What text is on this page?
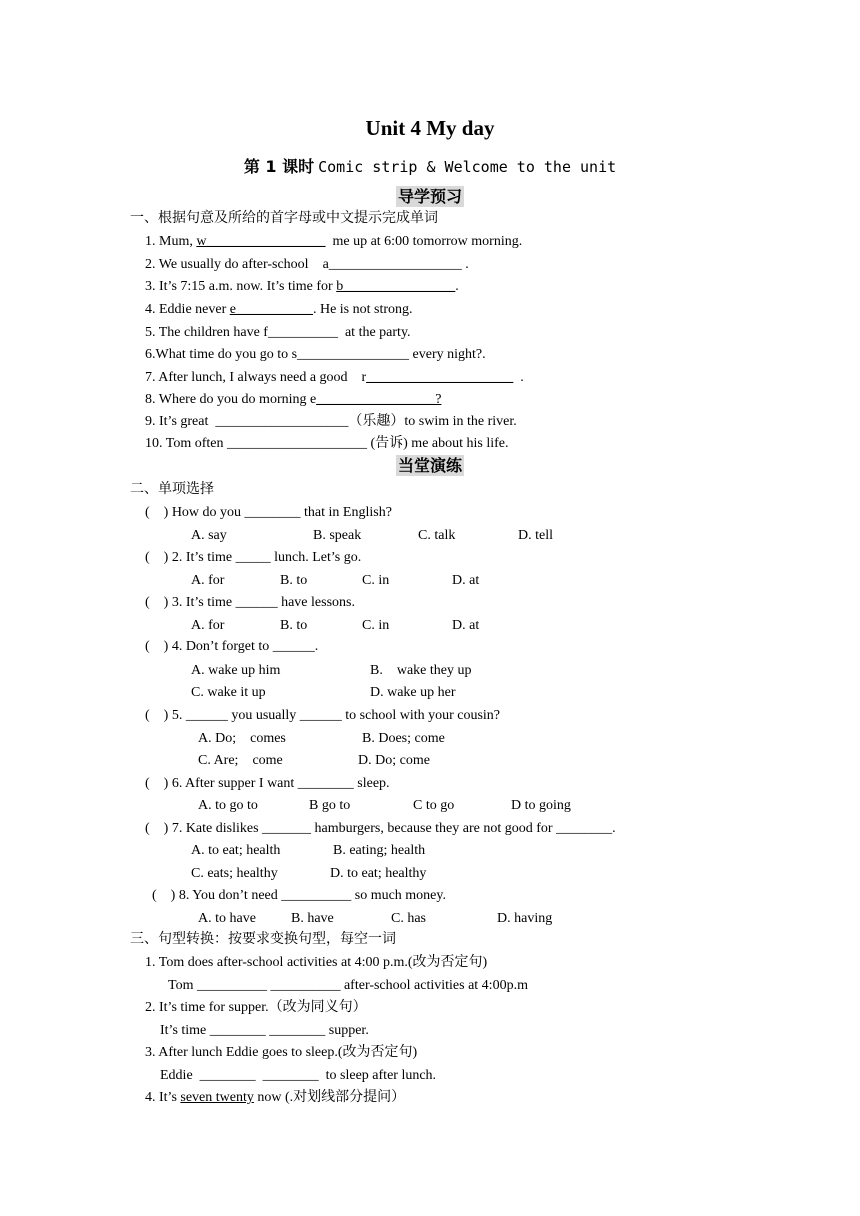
Unit 4 My day
第 1 课时 Comic strip & Welcome to the unit
导学预习
一、根据句意及所给的首字母或中文提示完成单词
1. Mum, w_________________  me up at 6:00 tomorrow morning.
2. We usually do after-school    a___________________ .
3. It’s 7:15 a.m. now. It’s time for b________________.
4. Eddie never e___________. He is not strong.
5. The children have f__________  at the party.
6.What time do you go to s________________ every night?.
7. After lunch, I always need a good    r_____________________  .
8. Where do you do morning e_________________?
9. It’s great  ___________________（乐趣）to swim in the river.
10. Tom often ____________________ (告诉) me about his life.
当堂演练
二、单项选择
(    ) How do you ________ that in English?
A. say	B. speak	C. talk	D. tell
(    ) 2. It’s time _____ lunch. Let’s go.
A. for	B. to	C. in	D. at
(    ) 3. It’s time ______ have lessons.
A. for	B. to	C. in	D. at
(    ) 4. Don’t forget to ______.
A. wake up him	B.    wake they up
C. wake it up	D. wake up her
(    ) 5. ______ you usually ______ to school with your cousin?
A. Do;    comes	B. Does; come
C. Are;    come	D. Do; come
(    ) 6. After supper I want ________ sleep.
A. to go to	B go to	C to go	D to going
(    ) 7. Kate dislikes _______ hamburgers, because they are not good for ________.
A. to eat; health	B. eating; health
C. eats; healthy	D. to eat; healthy
(    ) 8. You don’t need __________ so much money.
A. to have	B. have	C. has	D. having
三、句型转换：按要求变换句型，每空一词
1. Tom does after-school activities at 4:00 p.m.(改为否定句)
Tom __________ __________ after-school activities at 4:00p.m
2. It’s time for supper.（改为同义句）
It’s time ________ ________ supper.
3. After lunch Eddie goes to sleep.(改为否定句)
Eddie  ________  ________  to sleep after lunch.
4. It’s seven twenty now (.对划线部分提问）
